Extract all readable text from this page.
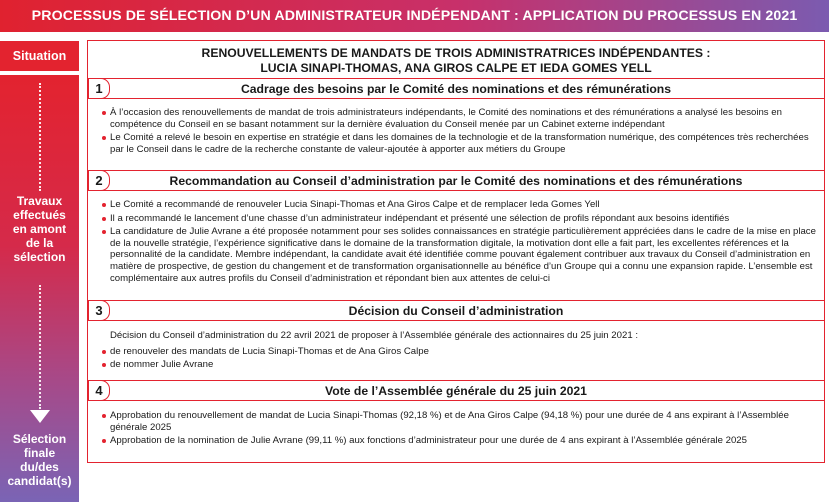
PROCESSUS DE SÉLECTION D’UN ADMINISTRATEUR INDÉPENDANT : APPLICATION DU PROCESSUS EN 2021
Situation
Travaux
effectués
en amont
de la
sélection
Sélection
finale
du/des
candidat(s)
RENOUVELLEMENTS DE MANDATS DE TROIS ADMINISTRATRICES INDÉPENDANTES :
LUCIA SINAPI-THOMAS, ANA GIROS CALPE ET IEDA GOMES YELL
1	Cadrage des besoins par le Comité des nominations et des rémunérations
À l’occasion des renouvellements de mandat de trois administrateurs indépendants, le Comité des nominations et des rémunérations a analysé les besoins en compétence du Conseil en se basant notamment sur la dernière évaluation du Conseil menée par un Cabinet externe indépendant
Le Comité a relevé le besoin en expertise en stratégie et dans les domaines de la technologie et de la transformation numérique, des compétences très recherchées par le Conseil dans le cadre de la recherche constante de valeur-ajoutée à apporter aux métiers du Groupe
2	Recommandation au Conseil d’administration par le Comité des nominations et des rémunérations
Le Comité a recommandé de renouveler Lucia Sinapi-Thomas et Ana Giros Calpe et de remplacer Ieda Gomes Yell
Il a recommandé le lancement d’une chasse d’un administrateur indépendant et présenté une sélection de profils répondant aux besoins identifiés
La candidature de Julie Avrane a été proposée notamment pour ses solides connaissances en stratégie particulièrement appréciées dans le cadre de la mise en place de la nouvelle stratégie, l’expérience significative dans le domaine de la transformation digitale, la motivation dont elle a fait part, les excellentes références et la personnalité de la candidate. Membre indépendant, la candidate avait été identifiée comme pouvant également contribuer aux travaux du Conseil d’administration en matière de prospective, de gestion du changement et de transformation organisationnelle au bénéfice d’un Groupe qui a connu une expansion rapide. L’ensemble est complémentaire aux autres profils du Conseil d’administration et répondant bien aux attentes de celui-ci
3	Décision du Conseil d’administration
Décision du Conseil d’administration du 22 avril 2021 de proposer à l’Assemblée générale des actionnaires du 25 juin 2021 :
de renouveler des mandats de Lucia Sinapi-Thomas et de Ana Giros Calpe
de nommer Julie Avrane
4	Vote de l’Assemblée générale du 25 juin 2021
Approbation du renouvellement de mandat de Lucia Sinapi-Thomas (92,18 %) et de Ana Giros Calpe (94,18 %) pour une durée de 4 ans expirant à l’Assemblée générale 2025
Approbation de la nomination de Julie Avrane (99,11 %) aux fonctions d’administrateur pour une durée de 4 ans expirant à l’Assemblée générale 2025
